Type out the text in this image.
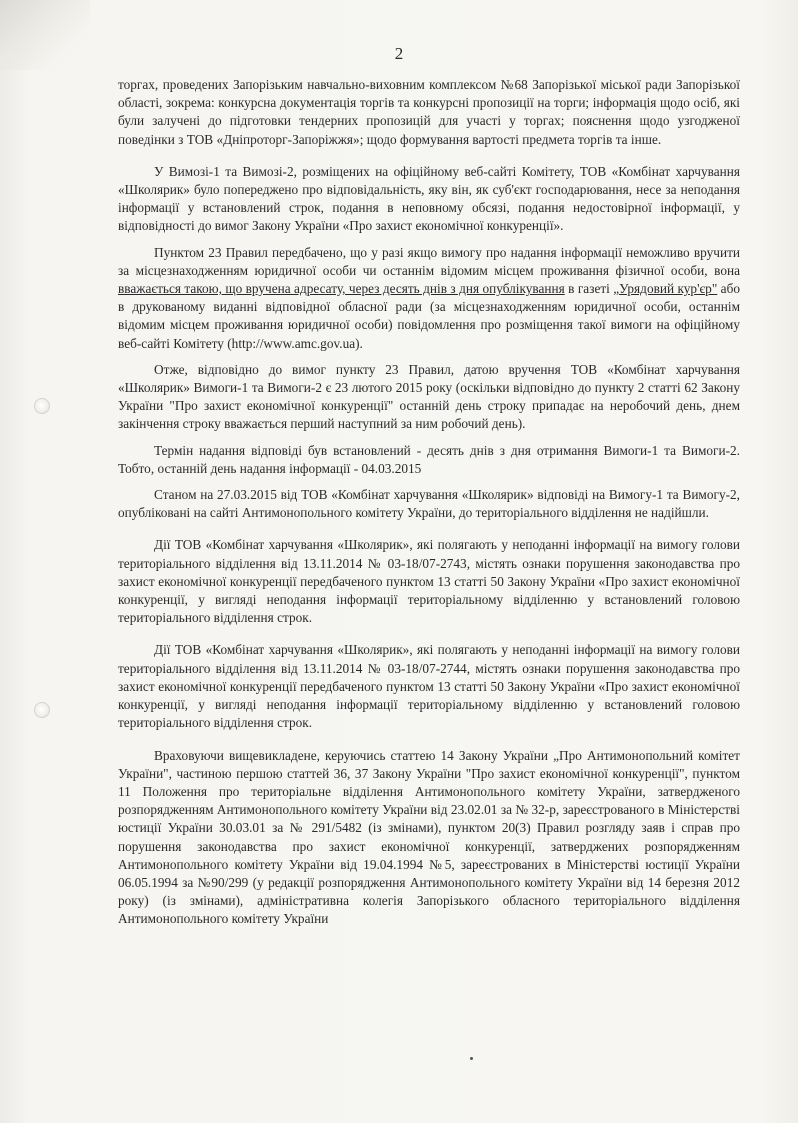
2

торгах, проведених Запорізьким навчально-виховним комплексом №68 Запорізької міської ради Запорізької області, зокрема: конкурсна документація торгів та конкурсні пропозиції на торги; інформація щодо осіб, які були залучені до підготовки тендерних пропозицій для участі у торгах; пояснення щодо узгодженої поведінки з ТОВ «Дніпроторг-Запоріжжя»; щодо формування вартості предмета торгів та інше.

У Вимозі-1 та Вимозі-2, розміщених на офіційному веб-сайті Комітету, ТОВ «Комбінат харчування «Школярик» було попереджено про відповідальність, яку він, як суб'єкт господарювання, несе за неподання інформації у встановлений строк, подання в неповному обсязі, подання недостовірної інформації, у відповідності до вимог Закону України «Про захист економічної конкуренції».

Пунктом 23 Правил передбачено, що у разі якщо вимогу про надання інформації неможливо вручити за місцезнаходженням юридичної особи чи останнім відомим місцем проживання фізичної особи, вона вважається такою, що вручена адресату, через десять днів з дня опублікування в газеті „Урядовий кур'єр" або в друкованому виданні відповідної обласної ради (за місцезнаходженням юридичної особи, останнім відомим місцем проживання юридичної особи) повідомлення про розміщення такої вимоги на офіційному веб-сайті Комітету (http://www.amc.gov.ua).

Отже, відповідно до вимог пункту 23 Правил, датою вручення ТОВ «Комбінат харчування «Школярик» Вимоги-1 та Вимоги-2 є 23 лютого 2015 року (оскільки відповідно до пункту 2 статті 62 Закону України "Про захист економічної конкуренції" останній день строку припадає на неробочий день, днем закінчення строку вважається перший наступний за ним робочий день).

Термін надання відповіді був встановлений - десять днів з дня отримання Вимоги-1 та Вимоги-2. Тобто, останній день надання інформації - 04.03.2015

Станом на 27.03.2015 від ТОВ «Комбінат харчування «Школярик» відповіді на Вимогу-1 та Вимогу-2, опубліковані на сайті Антимонопольного комітету України, до територіального відділення не надійшли.

Дії ТОВ «Комбінат харчування «Школярик», які полягають у неподанні інформації на вимогу голови територіального відділення від 13.11.2014 № 03-18/07-2743, містять ознаки порушення законодавства про захист економічної конкуренції передбаченого пунктом 13 статті 50 Закону України «Про захист економічної конкуренції, у вигляді неподання інформації територіальному відділенню у встановлений головою територіального відділення строк.

Дії ТОВ «Комбінат харчування «Школярик», які полягають у неподанні інформації на вимогу голови територіального відділення від 13.11.2014 № 03-18/07-2744, містять ознаки порушення законодавства про захист економічної конкуренції передбаченого пунктом 13 статті 50 Закону України «Про захист економічної конкуренції, у вигляді неподання інформації територіальному відділенню у встановлений головою територіального відділення строк.

Враховуючи вищевикладене, керуючись статтею 14 Закону України „Про Антимонопольний комітет України", частиною першою статтей 36, 37 Закону України "Про захист економічної конкуренції", пунктом 11 Положення про територіальне відділення Антимонопольного комітету України, затвердженого розпорядженням Антимонопольного комітету України від 23.02.01 за № 32-р, зареєстрованого в Міністерстві юстиції України 30.03.01 за № 291/5482 (із змінами), пунктом 20(3) Правил розгляду заяв і справ про порушення законодавства про захист економічної конкуренції, затверджених розпорядженням Антимонопольного комітету України від 19.04.1994 №5, зареєстрованих в Міністерстві юстиції України 06.05.1994 за №90/299 (у редакції розпорядження Антимонопольного комітету України від 14 березня 2012 року) (із змінами), адміністративна колегія Запорізького обласного територіального відділення Антимонопольного комітету України
